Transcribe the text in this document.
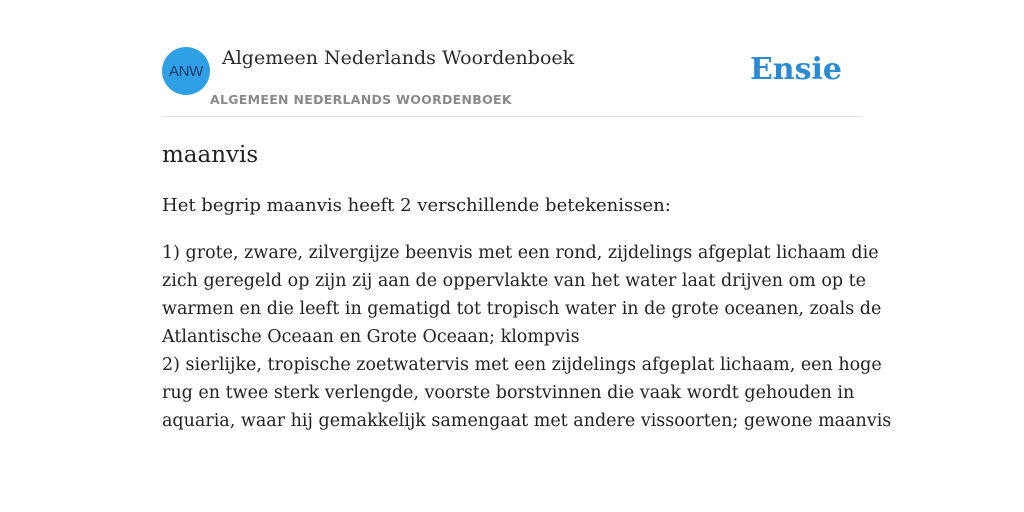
ANW
Algemeen Nederlands Woordenboek
ALGEMEEN NEDERLANDS WOORDENBOEK
Ensie
maanvis

Het begrip maanvis heeft 2 verschillende betekenissen:

1) grote, zware, zilvergijze beenvis met een rond, zijdelings afgeplat lichaam die
zich geregeld op zijn zij aan de oppervlakte van het water laat drijven om op te
warmen en die leeft in gematigd tot tropisch water in de grote oceanen, zoals de
Atlantische Oceaan en Grote Oceaan; klompvis
2) sierlijke, tropische zoetwatervis met een zijdelings afgeplat lichaam, een hoge
rug en twee sterk verlengde, voorste borstvinnen die vaak wordt gehouden in
aquaria, waar hij gemakkelijk samengaat met andere vissoorten; gewone maanvis
